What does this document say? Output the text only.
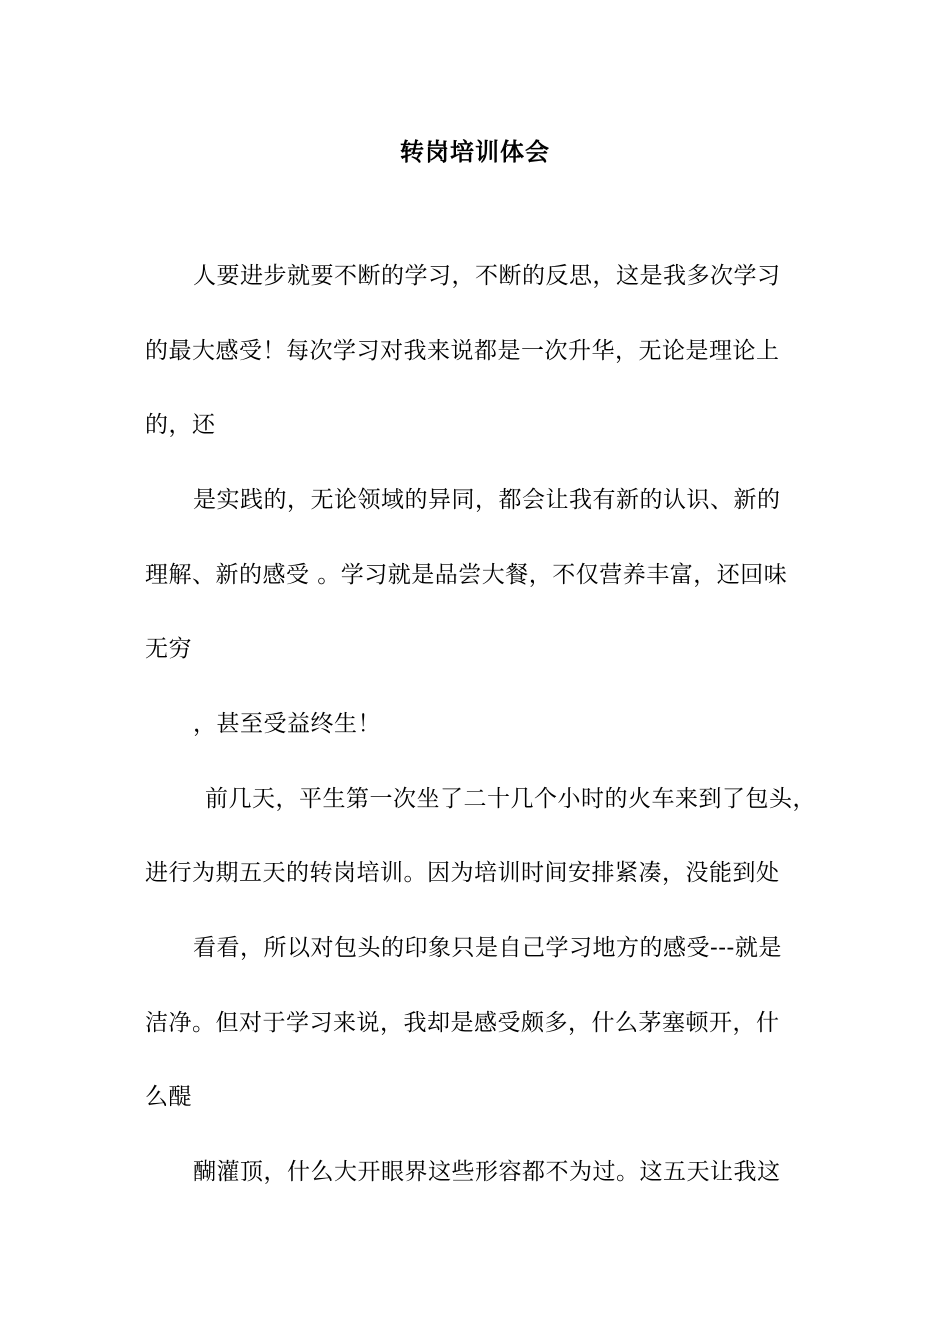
转岗培训体会
人要进步就要不断的学习，不断的反思，这是我多次学习
的最大感受！每次学习对我来说都是一次升华，无论是理论上
的，还
是实践的，无论领域的异同，都会让我有新的认识、新的
理解、新的感受 。学习就是品尝大餐，不仅营养丰富，还回味
无穷
，甚至受益终生！
前几天，平生第一次坐了二十几个小时的火车来到了包头，
进行为期五天的转岗培训。因为培训时间安排紧凑，没能到处
看看，所以对包头的印象只是自己学习地方的感受---就是
洁净。但对于学习来说，我却是感受颇多，什么茅塞顿开，什
么醍
醐灌顶，什么大开眼界这些形容都不为过。这五天让我这
